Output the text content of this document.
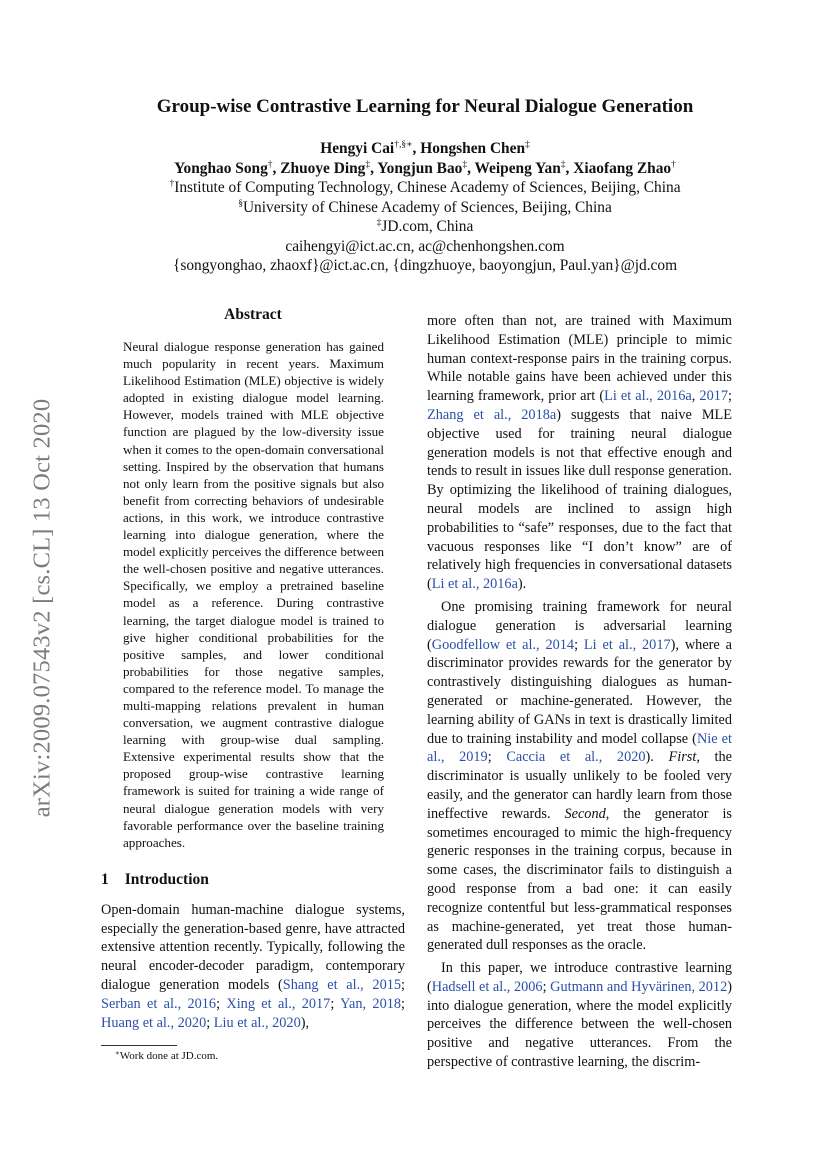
arXiv:2009.07543v2 [cs.CL] 13 Oct 2020
Group-wise Contrastive Learning for Neural Dialogue Generation
Hengyi Cai†,§∗, Hongshen Chen‡
Yonghao Song†, Zhuoye Ding‡, Yongjun Bao‡, Weipeng Yan‡, Xiaofang Zhao†
†Institute of Computing Technology, Chinese Academy of Sciences, Beijing, China
§University of Chinese Academy of Sciences, Beijing, China
‡JD.com, China
caihengyi@ict.ac.cn, ac@chenhongshen.com
{songyonghao, zhaoxf}@ict.ac.cn, {dingzhuoye, baoyongjun, Paul.yan}@jd.com
Abstract

Neural dialogue response generation has gained much popularity in recent years. Maximum Likelihood Estimation (MLE) objective is widely adopted in existing dialogue model learning. However, models trained with MLE objective function are plagued by the low-diversity issue when it comes to the open-domain conversational setting. Inspired by the observation that humans not only learn from the positive signals but also benefit from correcting behaviors of undesirable actions, in this work, we introduce contrastive learning into dialogue generation, where the model explicitly perceives the difference between the well-chosen positive and negative utterances. Specifically, we employ a pretrained baseline model as a reference. During contrastive learning, the target dialogue model is trained to give higher conditional probabilities for the positive samples, and lower conditional probabilities for those negative samples, compared to the reference model. To manage the multi-mapping relations prevalent in human conversation, we augment contrastive dialogue learning with group-wise dual sampling. Extensive experimental results show that the proposed group-wise contrastive learning framework is suited for training a wide range of neural dialogue generation models with very favorable performance over the baseline training approaches.

1 Introduction

Open-domain human-machine dialogue systems, especially the generation-based genre, have attracted extensive attention recently. Typically, following the neural encoder-decoder paradigm, contemporary dialogue generation models (Shang et al., 2015; Serban et al., 2016; Xing et al., 2017; Yan, 2018; Huang et al., 2020; Liu et al., 2020),

more often than not, are trained with Maximum Likelihood Estimation (MLE) principle to mimic human context-response pairs in the training corpus. While notable gains have been achieved under this learning framework, prior art (Li et al., 2016a, 2017; Zhang et al., 2018a) suggests that naive MLE objective used for training neural dialogue generation models is not that effective enough and tends to result in issues like dull response generation. By optimizing the likelihood of training dialogues, neural models are inclined to assign high probabilities to “safe” responses, due to the fact that vacuous responses like “I don’t know” are of relatively high frequencies in conversational datasets (Li et al., 2016a).

One promising training framework for neural dialogue generation is adversarial learning (Goodfellow et al., 2014; Li et al., 2017), where a discriminator provides rewards for the generator by contrastively distinguishing dialogues as human-generated or machine-generated. However, the learning ability of GANs in text is drastically limited due to training instability and model collapse (Nie et al., 2019; Caccia et al., 2020). First, the discriminator is usually unlikely to be fooled very easily, and the generator can hardly learn from those ineffective rewards. Second, the generator is sometimes encouraged to mimic the high-frequency generic responses in the training corpus, because in some cases, the discriminator fails to distinguish a good response from a bad one: it can easily recognize contentful but less-grammatical responses as machine-generated, yet treat those human-generated dull responses as the oracle.

In this paper, we introduce contrastive learning (Hadsell et al., 2006; Gutmann and Hyvärinen, 2012) into dialogue generation, where the model explicitly perceives the difference between the well-chosen positive and negative utterances. From the perspective of contrastive learning, the discrim-

∗Work done at JD.com.
